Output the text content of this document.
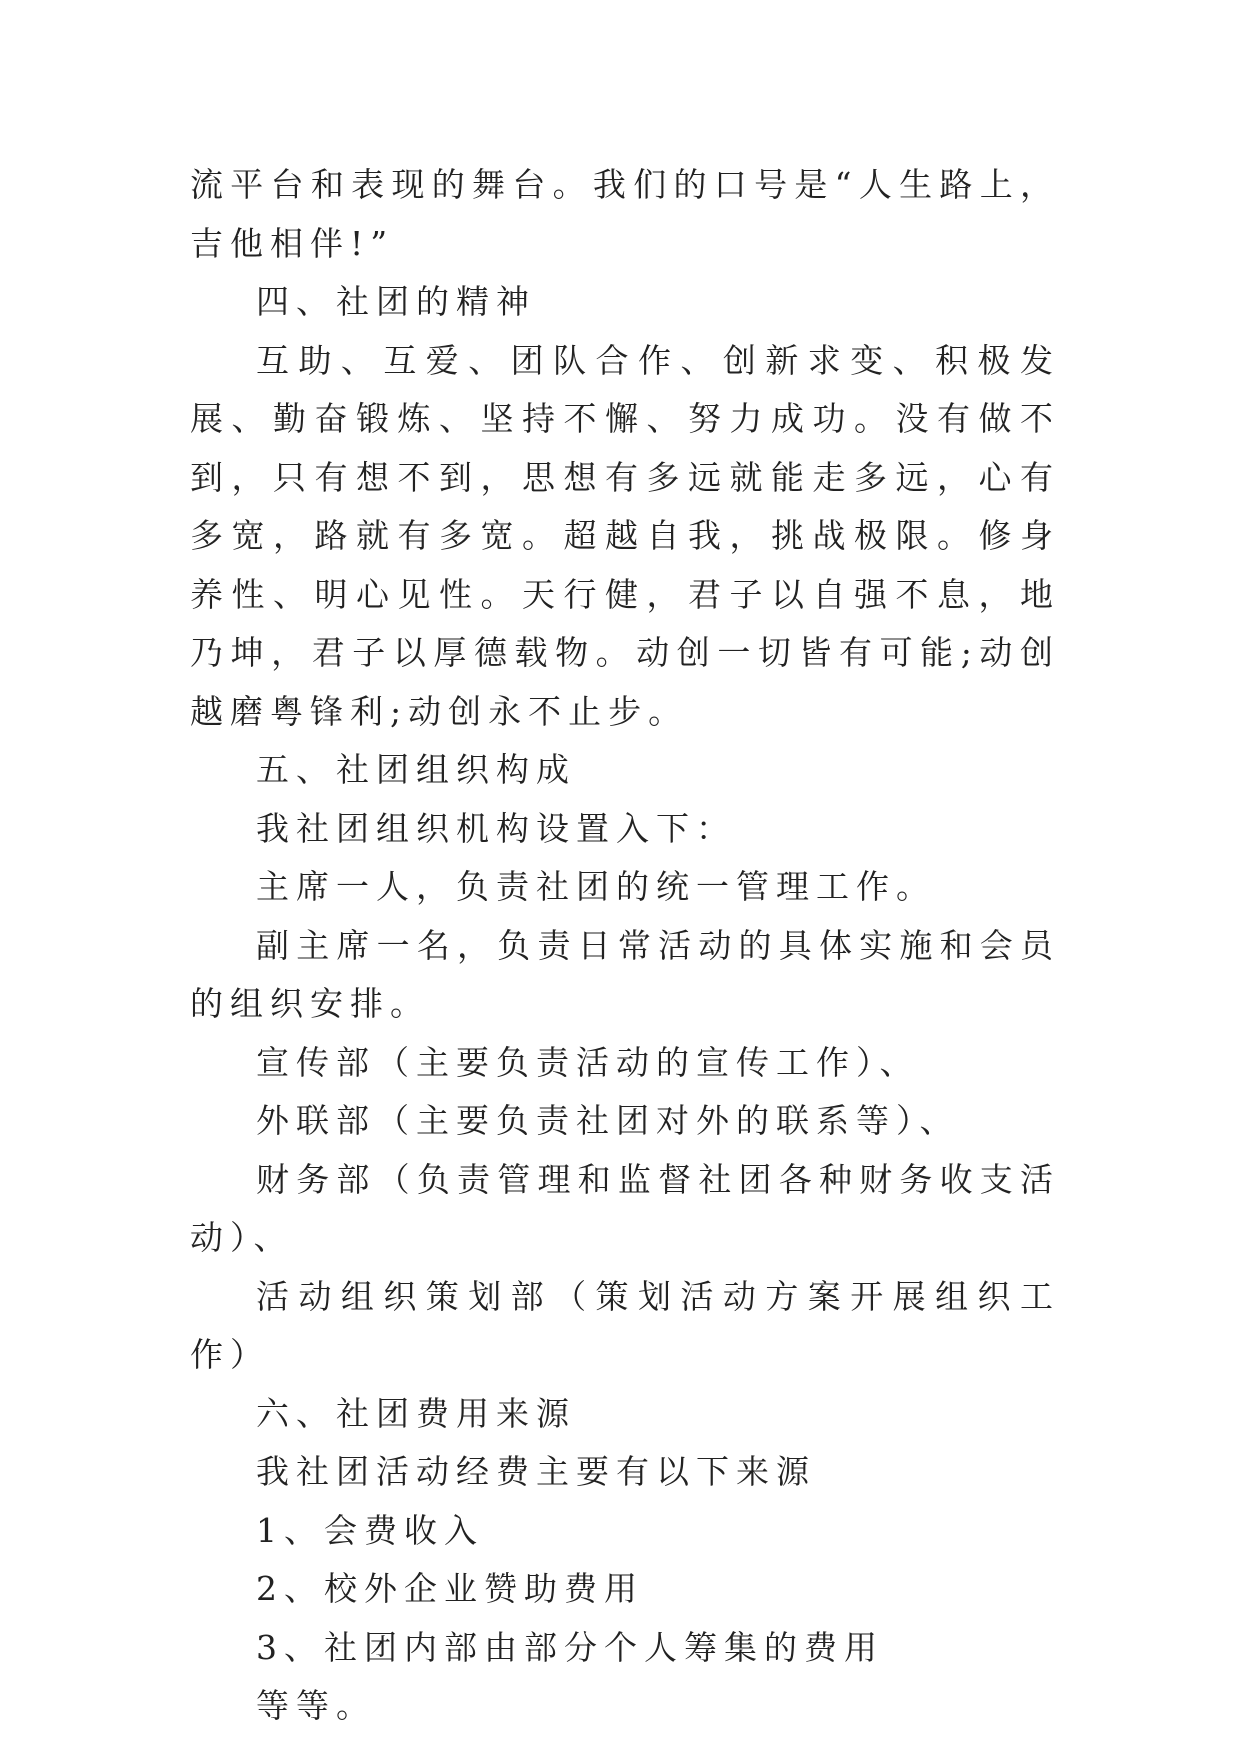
流平台和表现的舞台。我们的口号是“人生路上，吉他相伴!”

四、社团的精神

互助、互爱、团队合作、创新求变、积极发展、勤奋锻炼、坚持不懈、努力成功。没有做不到，只有想不到，思想有多远就能走多远，心有多宽，路就有多宽。超越自我，挑战极限。修身养性、明心见性。天行健，君子以自强不息，地乃坤，君子以厚德载物。动创一切皆有可能;动创越磨粤锋利;动创永不止步。

五、社团组织构成

我社团组织机构设置入下：

主席一人，负责社团的统一管理工作。

副主席一名，负责日常活动的具体实施和会员的组织安排。

宣传部（主要负责活动的宣传工作）、

外联部（主要负责社团对外的联系等）、

财务部（负责管理和监督社团各种财务收支活动）、

活动组织策划部（策划活动方案开展组织工作）

六、社团费用来源

我社团活动经费主要有以下来源

1、会费收入

2、校外企业赞助费用

3、社团内部由部分个人筹集的费用

等等。
